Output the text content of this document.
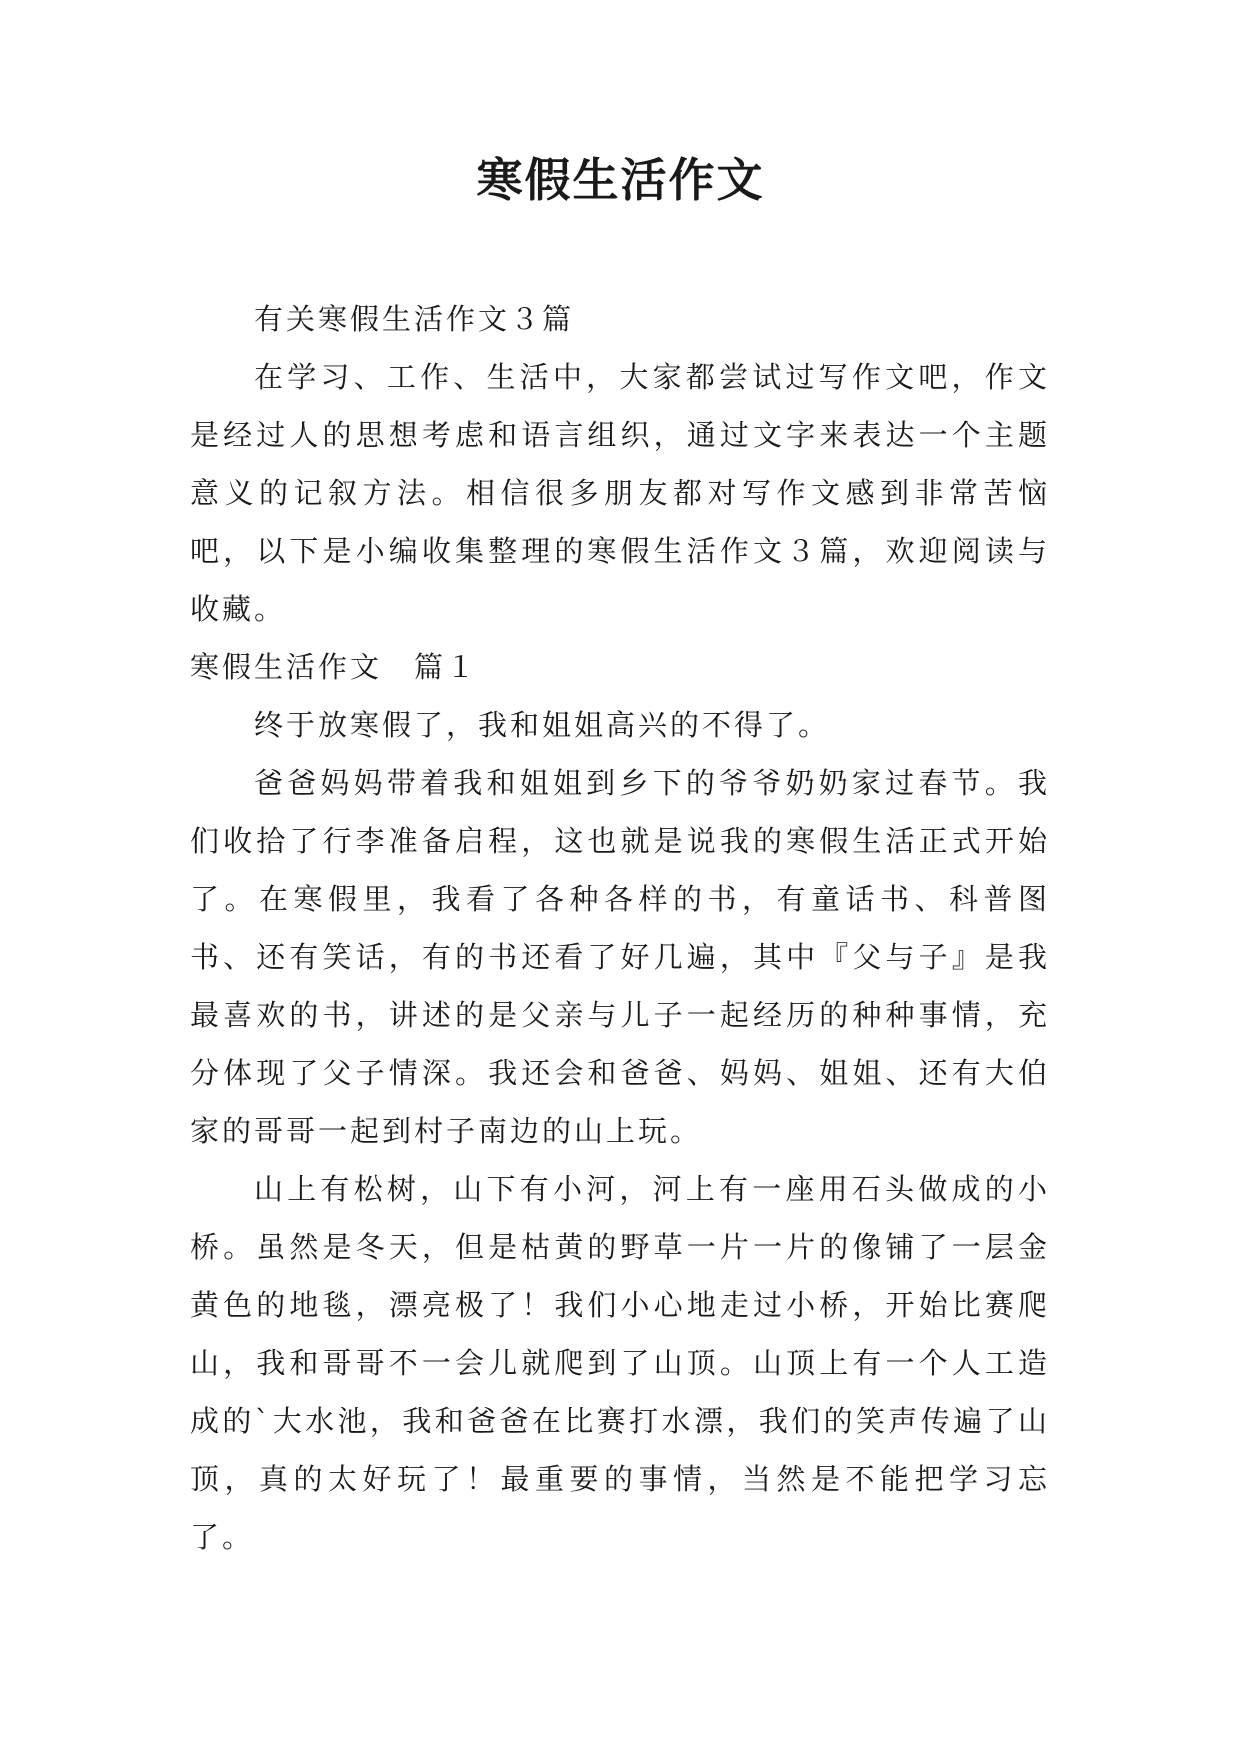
寒假生活作文

有关寒假生活作文３篇

在学习、工作、生活中，大家都尝试过写作文吧，作文是经过人的思想考虑和语言组织，通过文字来表达一个主题意义的记叙方法。相信很多朋友都对写作文感到非常苦恼吧，以下是小编收集整理的寒假生活作文３篇，欢迎阅读与收藏。

寒假生活作文　篇１

终于放寒假了，我和姐姐高兴的不得了。

爸爸妈妈带着我和姐姐到乡下的爷爷奶奶家过春节。我们收拾了行李准备启程，这也就是说我的寒假生活正式开始了。在寒假里，我看了各种各样的书，有童话书、科普图书、还有笑话，有的书还看了好几遍，其中『父与子』是我最喜欢的书，讲述的是父亲与儿子一起经历的种种事情，充分体现了父子情深。我还会和爸爸、妈妈、姐姐、还有大伯家的哥哥一起到村子南边的山上玩。

山上有松树，山下有小河，河上有一座用石头做成的小桥。虽然是冬天，但是枯黄的野草一片一片的像铺了一层金黄色的地毯，漂亮极了！我们小心地走过小桥，开始比赛爬山，我和哥哥不一会儿就爬到了山顶。山顶上有一个人工造成的`大水池，我和爸爸在比赛打水漂，我们的笑声传遍了山顶，真的太好玩了！最重要的事情，当然是不能把学习忘了。
